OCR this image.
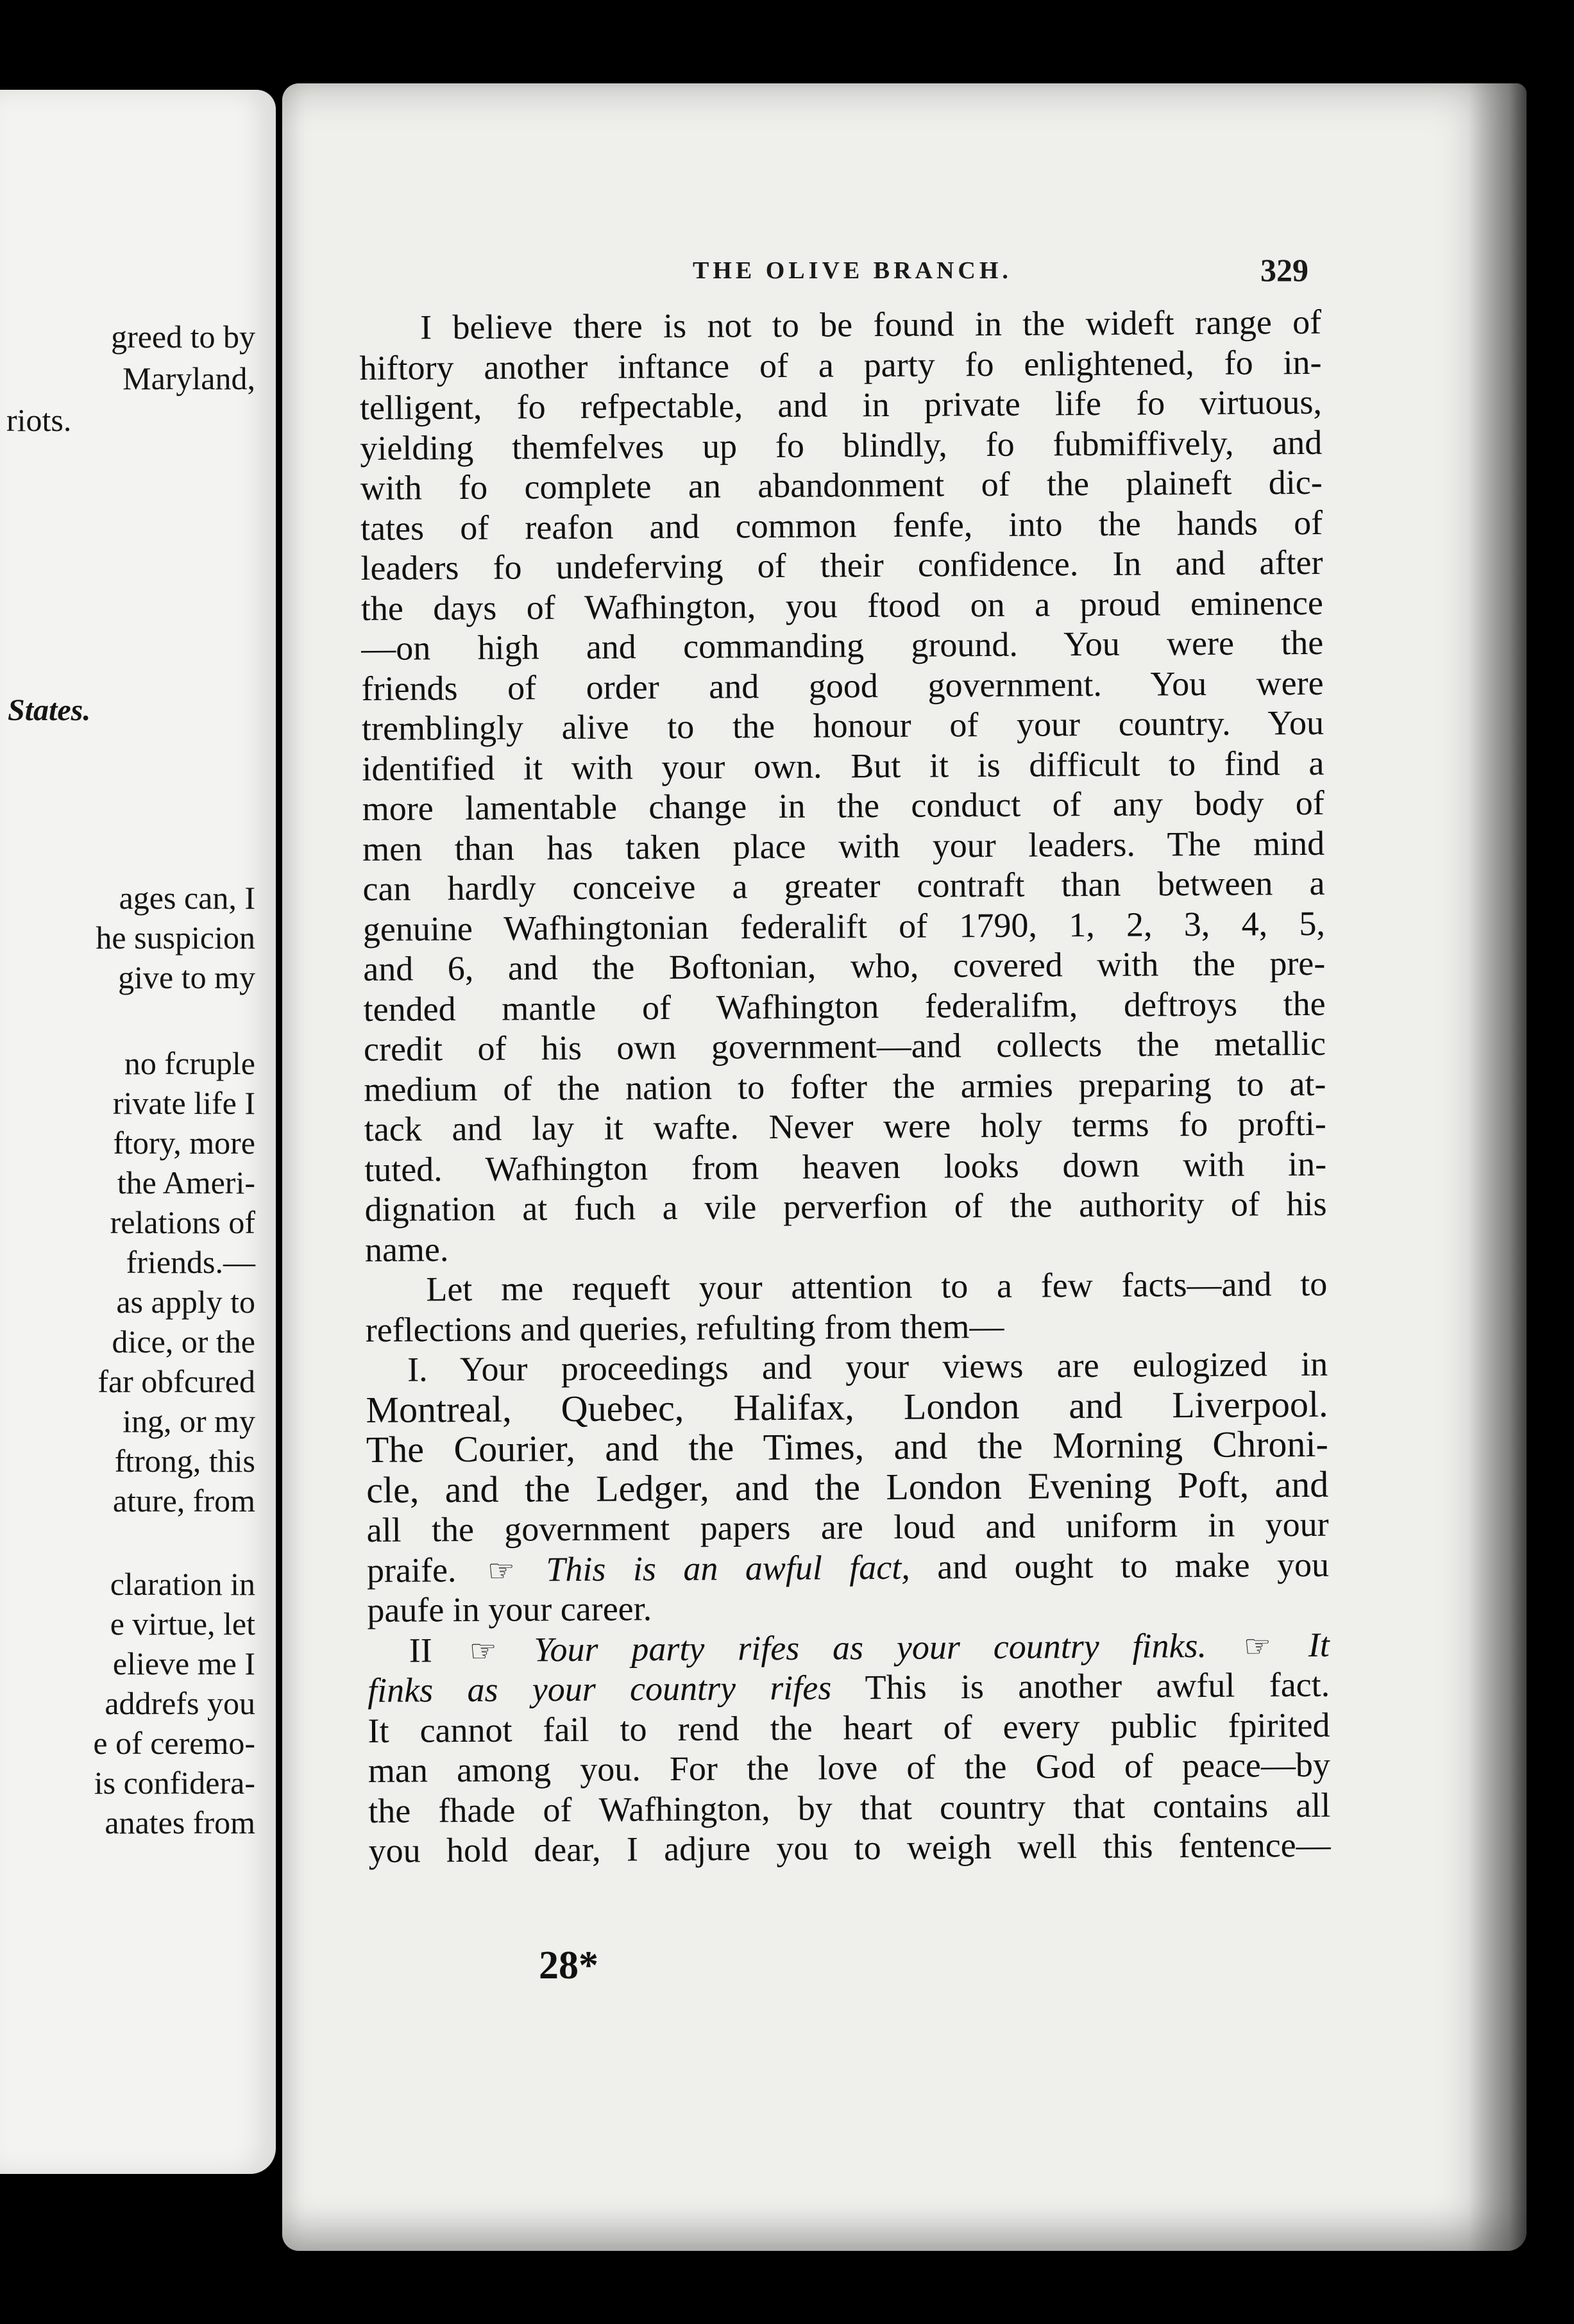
greed to by
Maryland,
riots.
States.
ages can, I
he suspicion
give to my
no fcruple
rivate life I
ftory, more
the Ameri-
relations of
friends.—
as apply to
dice, or the
far obfcured
ing, or my
ftrong, this
ature, from
claration in
e virtue, let
elieve me I
addrefs you
e of ceremo-
is confidera-
anates from
THE OLIVE BRANCH.	329
I believe there is not to be found in the wideft range of
hiftory another inftance of a party fo enlightened, fo in-
telligent, fo refpectable, and in private life fo virtuous,
yielding themfelves up fo blindly, fo fubmiffively, and
with fo complete an abandonment of the plaineft dic-
tates of reafon and common fenfe, into the hands of
leaders fo undeferving of their confidence. In and after
the days of Wafhington, you ftood on a proud eminence
—on high and commanding ground. You were the
friends of order and good government. You were
tremblingly alive to the honour of your country. You
identified it with your own. But it is difficult to find a
more lamentable change in the conduct of any body of
men than has taken place with your leaders. The mind
can hardly conceive a greater contraft than between a
genuine Wafhingtonian federalift of 1790, 1, 2, 3, 4, 5,
and 6, and the Boftonian, who, covered with the pre-
tended mantle of Wafhington federalifm, deftroys the
credit of his own government—and collects the metallic
medium of the nation to fofter the armies preparing to at-
tack and lay it wafte. Never were holy terms fo profti-
tuted. Wafhington from heaven looks down with in-
dignation at fuch a vile perverfion of the authority of his
name.
Let me requeft your attention to a few facts—and to
reflections and queries, refulting from them—
I. Your proceedings and your views are eulogized in
Montreal, Quebec, Halifax, London and Liverpool.
The Courier, and the Times, and the Morning Chroni-
cle, and the Ledger, and the London Evening Poft, and
all the government papers are loud and uniform in your
praife. ☞ This is an awful fact, and ought to make you
paufe in your career.
II ☞ Your party rifes as your country finks. ☞ It
finks as your country rifes This is another awful fact.
It cannot fail to rend the heart of every public fpirited
man among you. For the love of the God of peace—by
the fhade of Wafhington, by that country that contains all
you hold dear, I adjure you to weigh well this fentence—
28*
